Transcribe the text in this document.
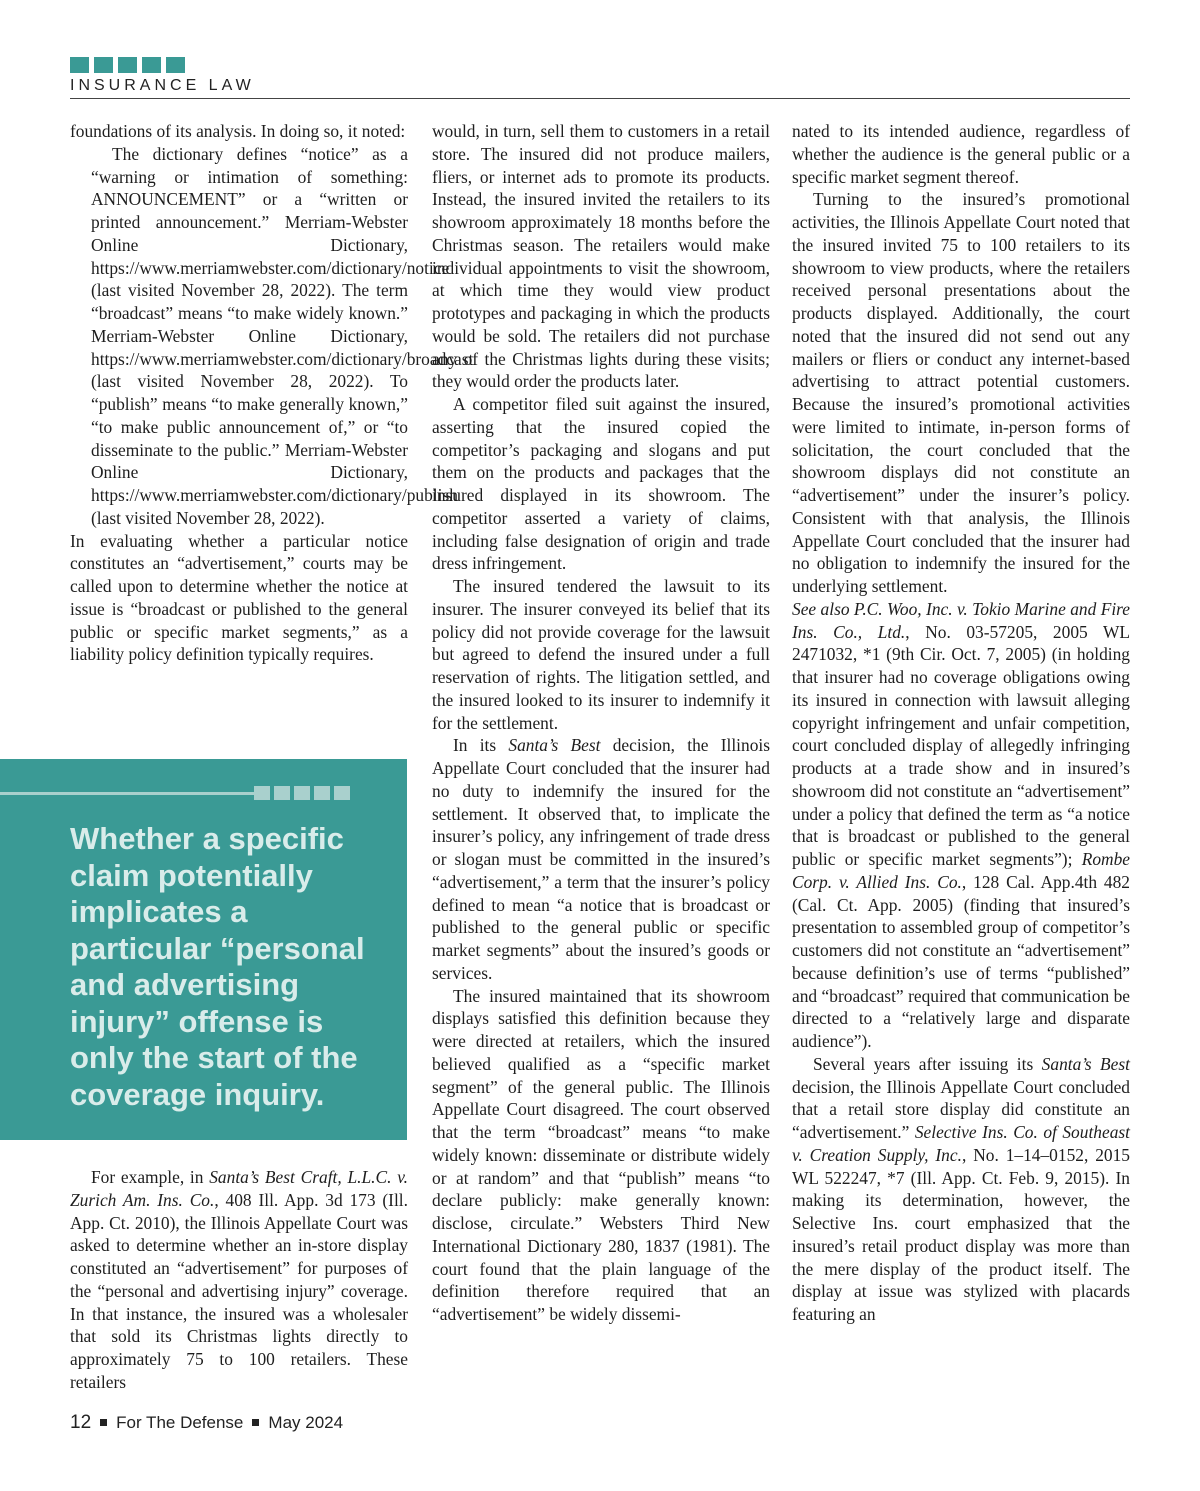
INSURANCE LAW

foundations of its analysis. In doing so, it noted:

The dictionary defines “notice” as a “warning or intimation of something: ANNOUNCEMENT” or a “written or printed announcement.” Merriam-Webster Online Dictionary, https://www.merriamwebster.com/dictionary/notice (last visited November 28, 2022). The term “broadcast” means “to make widely known.” Merriam-Webster Online Dictionary, https://www.merriamwebster.com/dictionary/broadcast (last visited November 28, 2022). To “publish” means “to make generally known,” “to make public announcement of,” or “to disseminate to the public.” Merriam-Webster Online Dictionary, https://www.merriamwebster.com/dictionary/publish (last visited November 28, 2022).

In evaluating whether a particular notice constitutes an “advertisement,” courts may be called upon to determine whether the notice at issue is “broadcast or published to the general public or specific market segments,” as a liability policy definition typically requires.

Whether a specific claim potentially implicates a particular “personal and advertising injury” offense is only the start of the coverage inquiry.

For example, in Santa’s Best Craft, L.L.C. v. Zurich Am. Ins. Co., 408 Ill. App. 3d 173 (Ill. App. Ct. 2010), the Illinois Appellate Court was asked to determine whether an in-store display constituted an “advertisement” for purposes of the “personal and advertising injury” coverage. In that instance, the insured was a wholesaler that sold its Christmas lights directly to approximately 75 to 100 retailers. These retailers

would, in turn, sell them to customers in a retail store. The insured did not produce mailers, fliers, or internet ads to promote its products. Instead, the insured invited the retailers to its showroom approximately 18 months before the Christmas season. The retailers would make individual appointments to visit the showroom, at which time they would view product prototypes and packaging in which the products would be sold. The retailers did not purchase any of the Christmas lights during these visits; they would order the products later.

A competitor filed suit against the insured, asserting that the insured copied the competitor’s packaging and slogans and put them on the products and packages that the insured displayed in its showroom. The competitor asserted a variety of claims, including false designation of origin and trade dress infringement.

The insured tendered the lawsuit to its insurer. The insurer conveyed its belief that its policy did not provide coverage for the lawsuit but agreed to defend the insured under a full reservation of rights. The litigation settled, and the insured looked to its insurer to indemnify it for the settlement.

In its Santa’s Best decision, the Illinois Appellate Court concluded that the insurer had no duty to indemnify the insured for the settlement. It observed that, to implicate the insurer’s policy, any infringement of trade dress or slogan must be committed in the insured’s “advertisement,” a term that the insurer’s policy defined to mean “a notice that is broadcast or published to the general public or specific market segments” about the insured’s goods or services.

The insured maintained that its showroom displays satisfied this definition because they were directed at retailers, which the insured believed qualified as a “specific market segment” of the general public. The Illinois Appellate Court disagreed. The court observed that the term “broadcast” means “to make widely known: disseminate or distribute widely or at random” and that “publish” means “to declare publicly: make generally known: disclose, circulate.” Websters Third New International Dictionary 280, 1837 (1981). The court found that the plain language of the definition therefore required that an “advertisement” be widely dissemi-

nated to its intended audience, regardless of whether the audience is the general public or a specific market segment thereof.

Turning to the insured’s promotional activities, the Illinois Appellate Court noted that the insured invited 75 to 100 retailers to its showroom to view products, where the retailers received personal presentations about the products displayed. Additionally, the court noted that the insured did not send out any mailers or fliers or conduct any internet-based advertising to attract potential customers. Because the insured’s promotional activities were limited to intimate, in-person forms of solicitation, the court concluded that the showroom displays did not constitute an “advertisement” under the insurer’s policy. Consistent with that analysis, the Illinois Appellate Court concluded that the insurer had no obligation to indemnify the insured for the underlying settlement.

See also P.C. Woo, Inc. v. Tokio Marine and Fire Ins. Co., Ltd., No. 03-57205, 2005 WL 2471032, *1 (9th Cir. Oct. 7, 2005) (in holding that insurer had no coverage obligations owing its insured in connection with lawsuit alleging copyright infringement and unfair competition, court concluded display of allegedly infringing products at a trade show and in insured’s showroom did not constitute an “advertisement” under a policy that defined the term as “a notice that is broadcast or published to the general public or specific market segments”); Rombe Corp. v. Allied Ins. Co., 128 Cal. App.4th 482 (Cal. Ct. App. 2005) (finding that insured’s presentation to assembled group of competitor’s customers did not constitute an “advertisement” because definition’s use of terms “published” and “broadcast” required that communication be directed to a “relatively large and disparate audience”).

Several years after issuing its Santa’s Best decision, the Illinois Appellate Court concluded that a retail store display did constitute an “advertisement.” Selective Ins. Co. of Southeast v. Creation Supply, Inc., No. 1–14–0152, 2015 WL 522247, *7 (Ill. App. Ct. Feb. 9, 2015). In making its determination, however, the Selective Ins. court emphasized that the insured’s retail product display was more than the mere display of the product itself. The display at issue was stylized with placards featuring an

12 For The Defense May 2024
